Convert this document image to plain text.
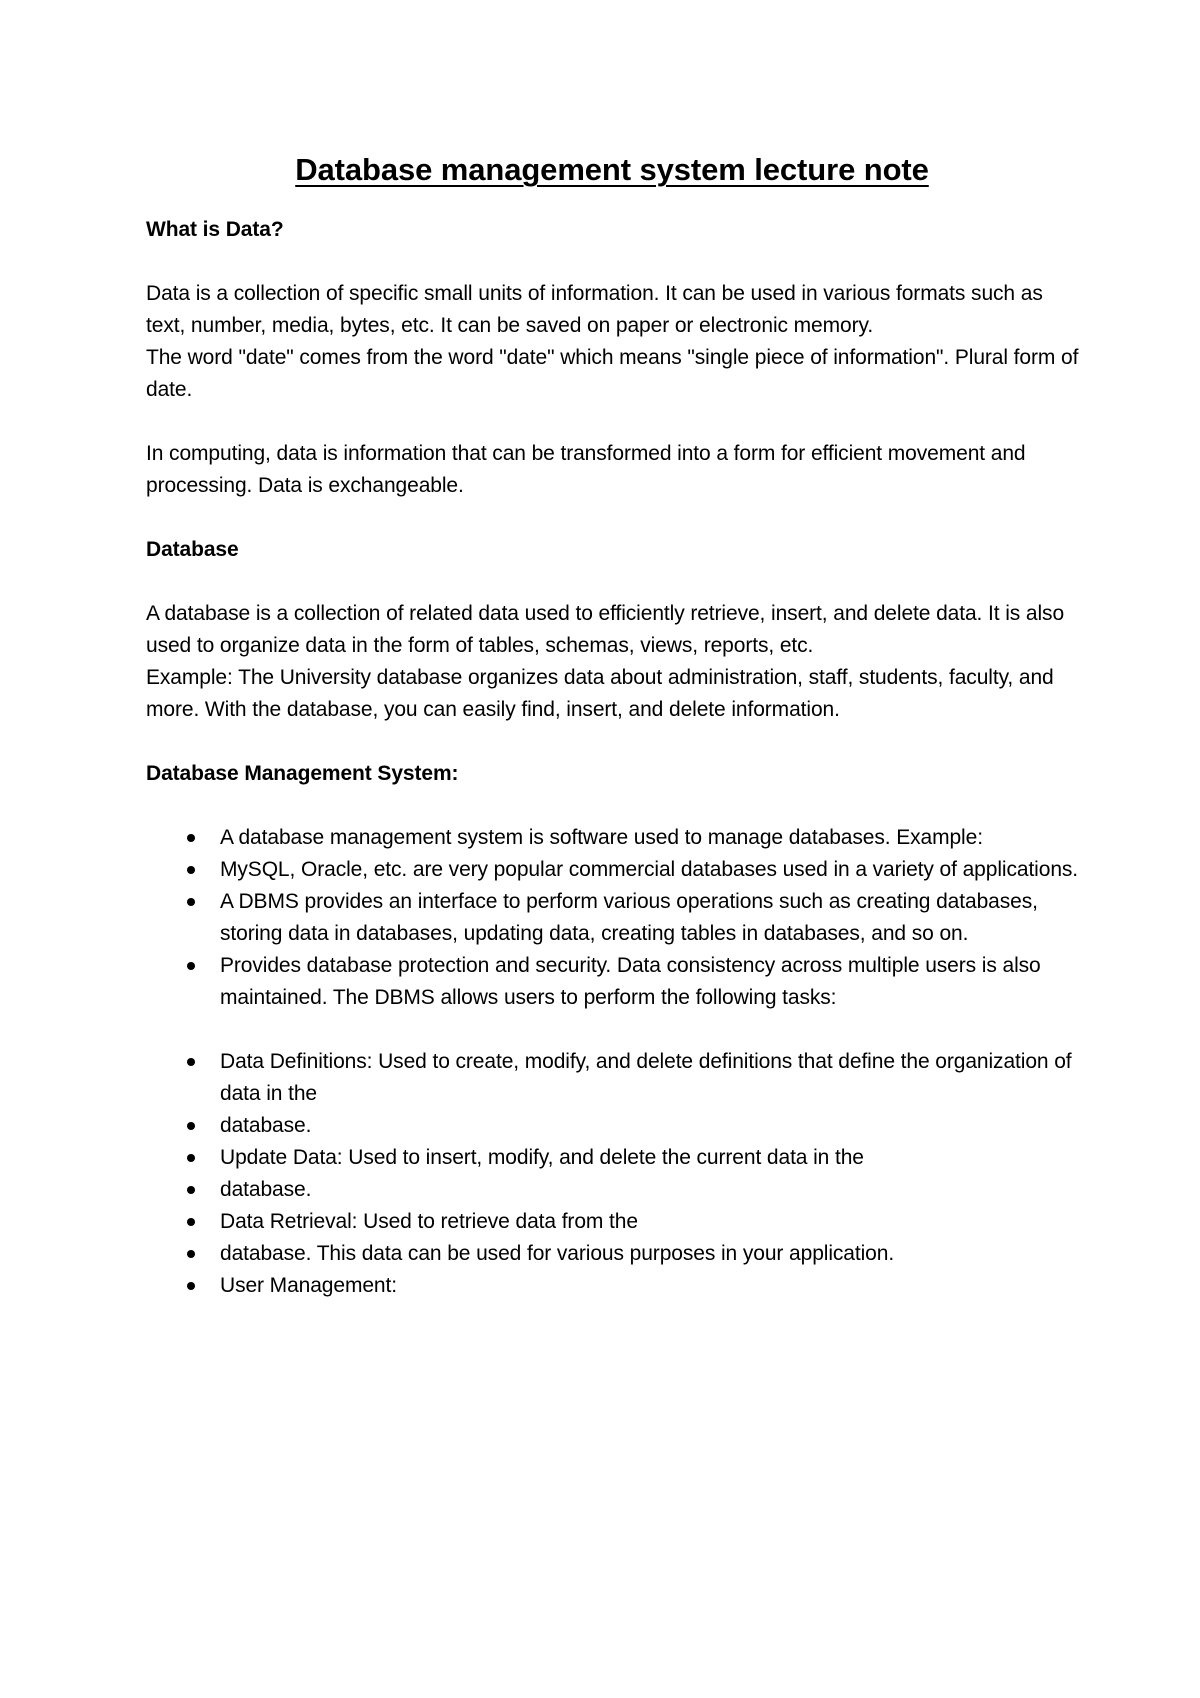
Database management system lecture note

What is Data?

Data is a collection of specific small units of information. It can be used in various formats such as text, number, media, bytes, etc. It can be saved on paper or electronic memory.

The word "date" comes from the word "date" which means "single piece of information". Plural form of date.

In computing, data is information that can be transformed into a form for efficient movement and processing. Data is exchangeable.

Database

A database is a collection of related data used to efficiently retrieve, insert, and delete data. It is also used to organize data in the form of tables, schemas, views, reports, etc.

Example: The University database organizes data about administration, staff, students, faculty, and more. With the database, you can easily find, insert, and delete information.

Database Management System:

A database management system is software used to manage databases. Example:
MySQL, Oracle, etc. are very popular commercial databases used in a variety of applications.
A DBMS provides an interface to perform various operations such as creating databases, storing data in databases, updating data, creating tables in databases, and so on.
Provides database protection and security. Data consistency across multiple users is also maintained. The DBMS allows users to perform the following tasks:
Data Definitions: Used to create, modify, and delete definitions that define the organization of data in the
database.
Update Data: Used to insert, modify, and delete the current data in the
database.
Data Retrieval: Used to retrieve data from the
database. This data can be used for various purposes in your application.
User Management:
